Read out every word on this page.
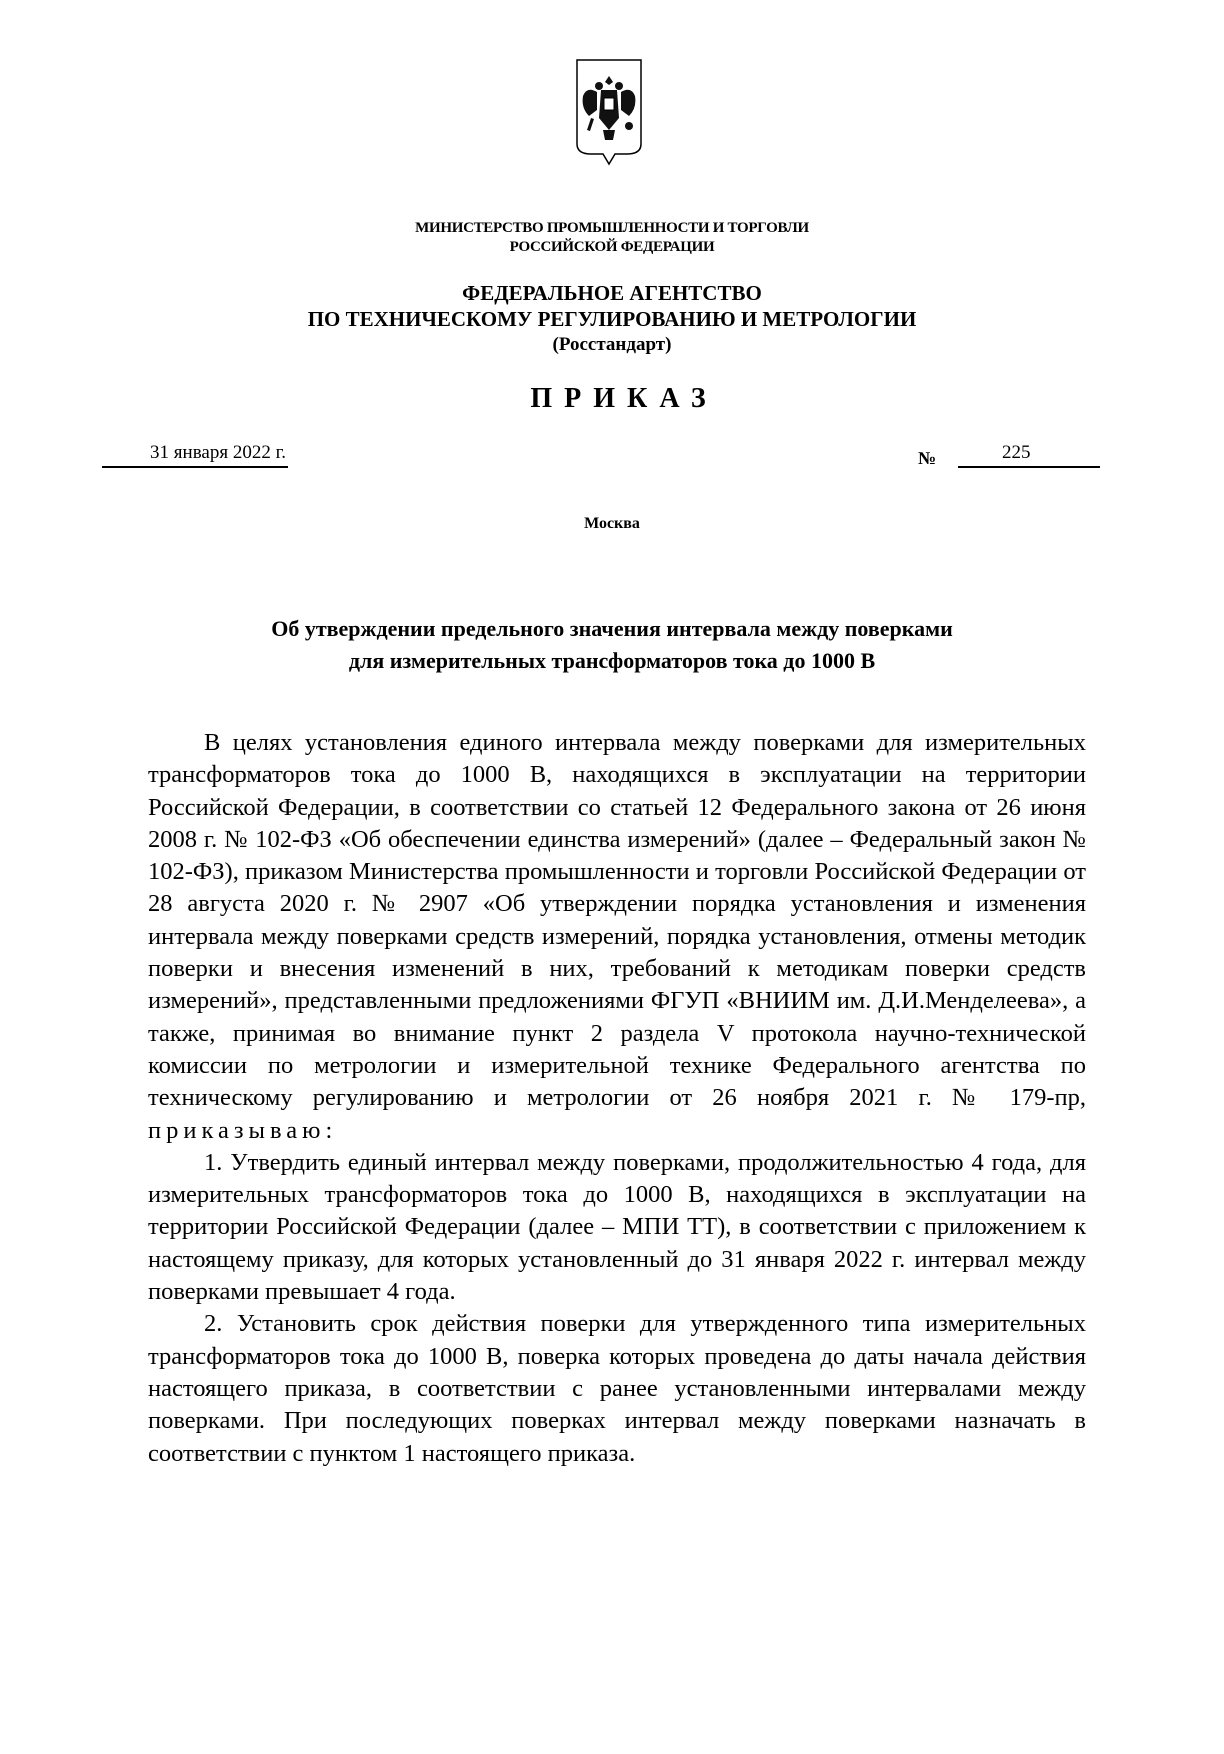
МИНИСТЕРСТВО ПРОМЫШЛЕННОСТИ И ТОРГОВЛИ
РОССИЙСКОЙ ФЕДЕРАЦИИ
ФЕДЕРАЛЬНОЕ АГЕНТСТВО
ПО ТЕХНИЧЕСКОМУ РЕГУЛИРОВАНИЮ И МЕТРОЛОГИИ
(Росстандарт)
ПРИКАЗ
31 января 2022 г.	№	225
Москва
Об утверждении предельного значения интервала между поверками
для измерительных трансформаторов тока до 1000 В

В целях установления единого интервала между поверками для измерительных трансформаторов тока до 1000 В, находящихся в эксплуатации на территории Российской Федерации, в соответствии со статьей 12 Федерального закона от 26 июня 2008 г. № 102-ФЗ «Об обеспечении единства измерений» (далее – Федеральный закон № 102-ФЗ), приказом Министерства промышленности и торговли Российской Федерации от 28 августа 2020 г. № 2907 «Об утверждении порядка установления и изменения интервала между поверками средств измерений, порядка установления, отмены методик поверки и внесения изменений в них, требований к методикам поверки средств измерений», представленными предложениями ФГУП «ВНИИМ им. Д.И.Менделеева», а также, принимая во внимание пункт 2 раздела V протокола научно-технической комиссии по метрологии и измерительной технике Федерального агентства по техническому регулированию и метрологии от 26 ноября 2021 г. № 179-пр, приказываю:

1. Утвердить единый интервал между поверками, продолжительностью 4 года, для измерительных трансформаторов тока до 1000 В, находящихся в эксплуатации на территории Российской Федерации (далее – МПИ ТТ), в соответствии с приложением к настоящему приказу, для которых установленный до 31 января 2022 г. интервал между поверками превышает 4 года.

2. Установить срок действия поверки для утвержденного типа измерительных трансформаторов тока до 1000 В, поверка которых проведена до даты начала действия настоящего приказа, в соответствии с ранее установленными интервалами между поверками. При последующих поверках интервал между поверками назначать в соответствии с пунктом 1 настоящего приказа.
